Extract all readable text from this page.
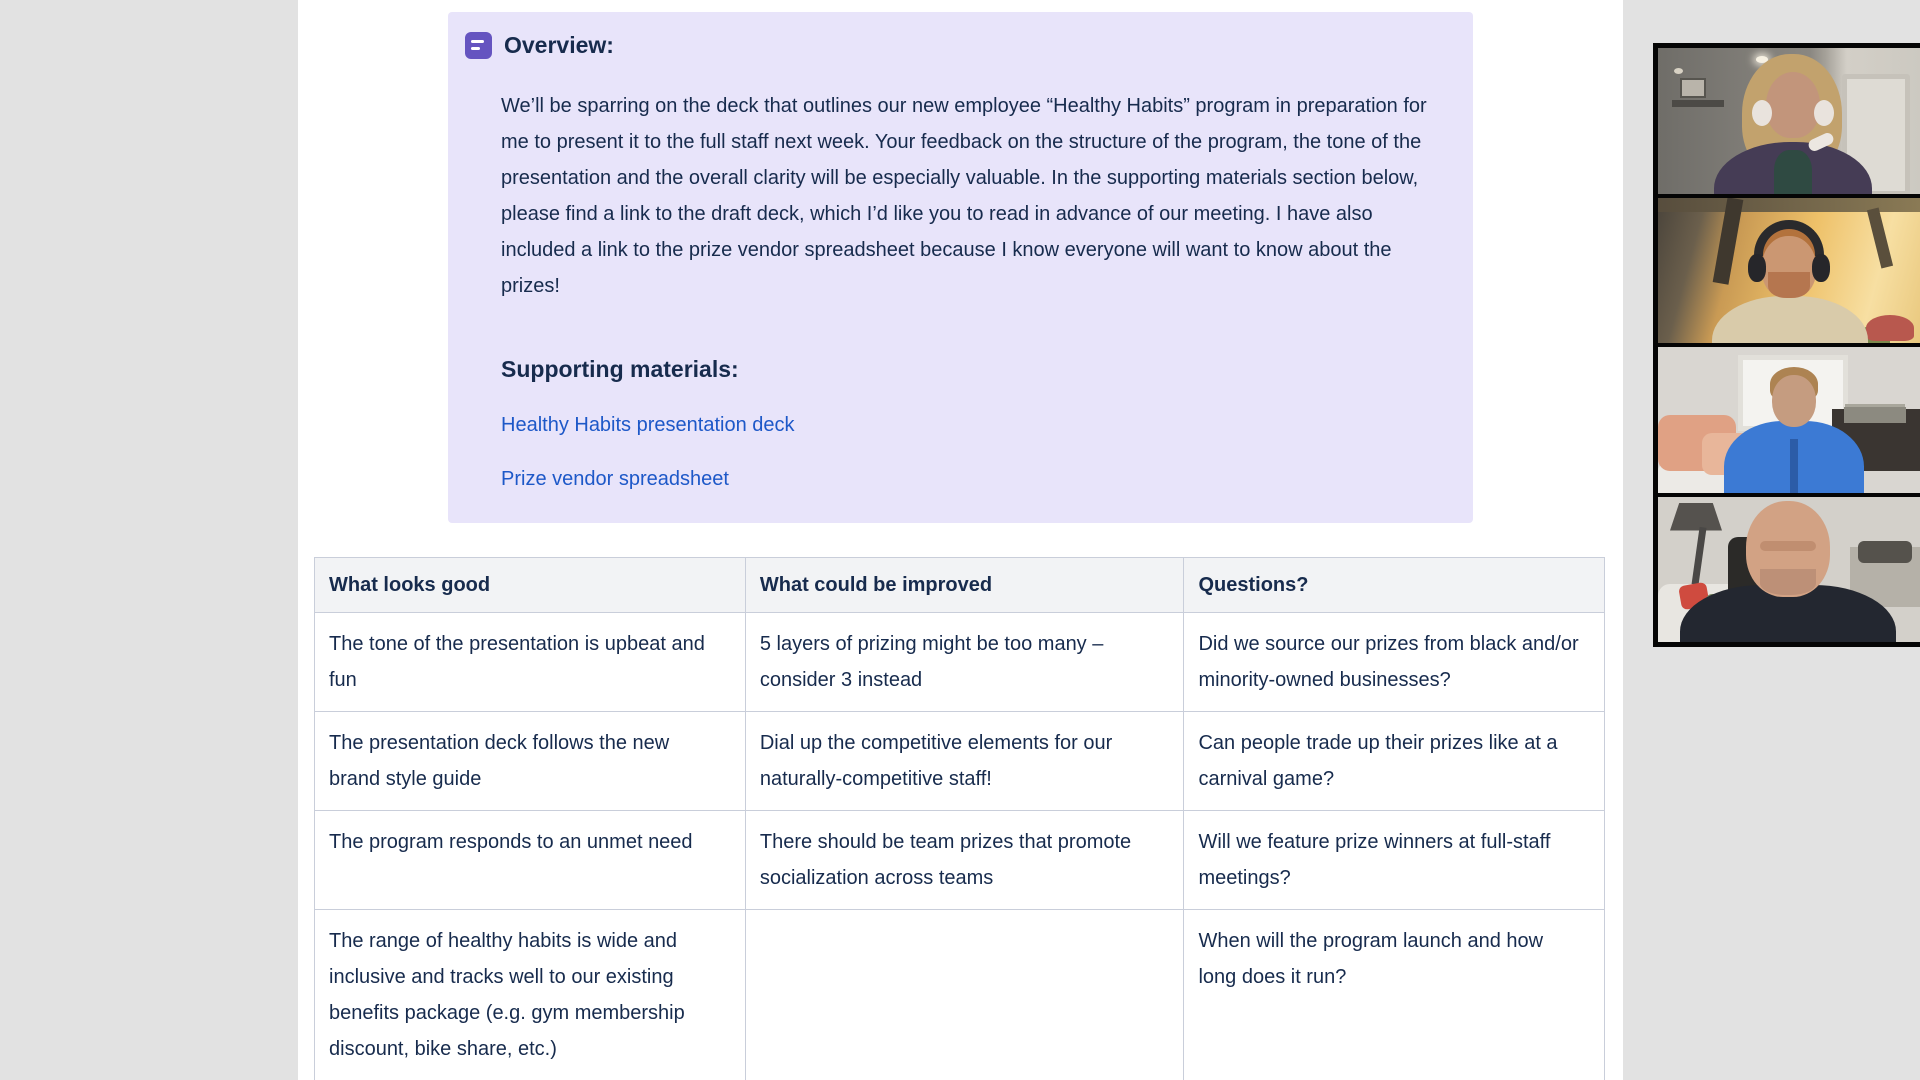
Overview:

We’ll be sparring on the deck that outlines our new employee “Healthy Habits” program in preparation for me to present it to the full staff next week. Your feedback on the structure of the program, the tone of the presentation and the overall clarity will be especially valuable. In the supporting materials section below, please find a link to the draft deck, which I’d like you to read in advance of our meeting. I have also included a link to the prize vendor spreadsheet because I know everyone will want to know about the prizes!

Supporting materials:

Healthy Habits presentation deck

Prize vendor spreadsheet

What looks good	What could be improved	Questions?
The tone of the presentation is upbeat and fun	5 layers of prizing might be too many – consider 3 instead	Did we source our prizes from black and/or minority-owned businesses?
The presentation deck follows the new brand style guide	Dial up the competitive elements for our naturally-competitive staff!	Can people trade up their prizes like at a carnival game?
The program responds to an unmet need	There should be team prizes that promote socialization across teams	Will we feature prize winners at full-staff meetings?
The range of healthy habits is wide and inclusive and tracks well to our existing benefits package (e.g. gym membership discount, bike share, etc.)		When will the program launch and how long does it run?
